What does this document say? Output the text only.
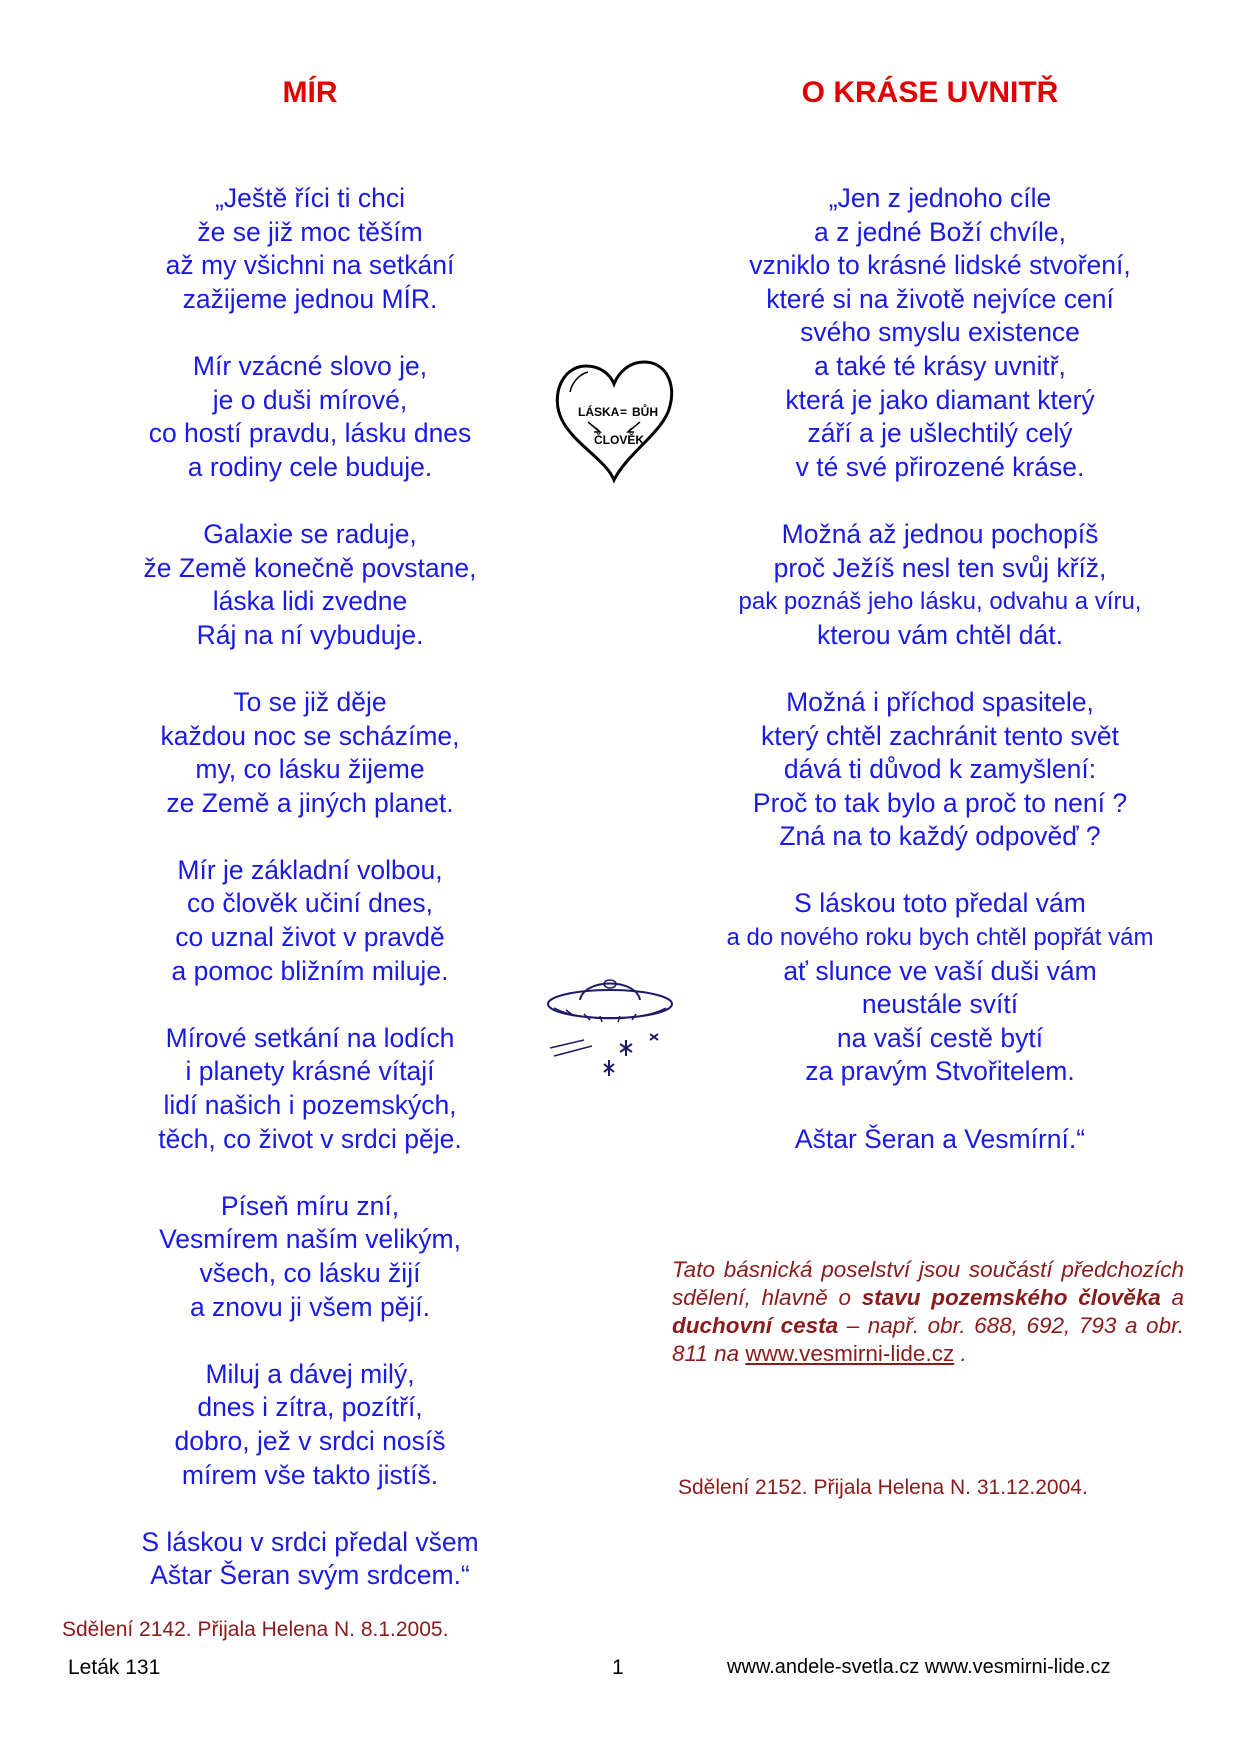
MÍR	O KRÁSE UVNITŘ
„Ještě říci ti chci
že se již moc těším
až my všichni na setkání
zažijeme jednou MÍR.
Mír vzácné slovo je,
je o duši mírové,
co hostí pravdu, lásku dnes
a rodiny cele buduje.
Galaxie se raduje,
že Země konečně povstane,
láska lidi zvedne
Ráj na ní vybuduje.
To se již děje
každou noc se scházíme,
my, co lásku žijeme
ze Země a jiných planet.
Mír je základní volbou,
co člověk učiní dnes,
co uznal život v pravdě
a pomoc bližním miluje.
Mírové setkání na lodích
i planety krásné vítají
lidí našich i pozemských,
těch, co život v srdci pěje.
Píseň míru zní,
Vesmírem naším velikým,
všech, co lásku žijí
a znovu ji všem pějí.
Miluj a dávej milý,
dnes i zítra, pozítří,
dobro, jež v srdci nosíš
mírem vše takto jistíš.
S láskou v srdci předal všem
Aštar Šeran svým srdcem.“
„Jen z jednoho cíle
a z jedné Boží chvíle,
vzniklo to krásné lidské stvoření,
které si na životě nejvíce cení
svého smyslu existence
a také té krásy uvnitř,
která je jako diamant který
září a je ušlechtilý celý
v té své přirozené kráse.
Možná až jednou pochopíš
proč Ježíš nesl ten svůj kříž,
pak poznáš jeho lásku, odvahu a víru,
kterou vám chtěl dát.
Možná i příchod spasitele,
který chtěl zachránit tento svět
dává ti důvod k zamyšlení:
Proč to tak bylo a proč to není ?
Zná na to každý odpověď ?
S láskou toto předal vám
a do nového roku bych chtěl popřát vám
ať slunce ve vaší duši vám
neustále svítí
na vaší cestě bytí
za pravým Stvořitelem.
Aštar Šeran a Vesmírní.“
LÁSKA = BŮH
ČLOVĚK
Tato básnická poselství jsou součástí předchozích sdělení, hlavně o stavu pozemského člověka a duchovní cesta – např. obr. 688, 692, 793 a obr. 811 na www.vesmirni-lide.cz .
Sdělení 2152. Přijala Helena N. 31.12.2004.
Sdělení 2142. Přijala Helena N. 8.1.2005.
Leták 131	1	www.andele-svetla.cz www.vesmirni-lide.cz
